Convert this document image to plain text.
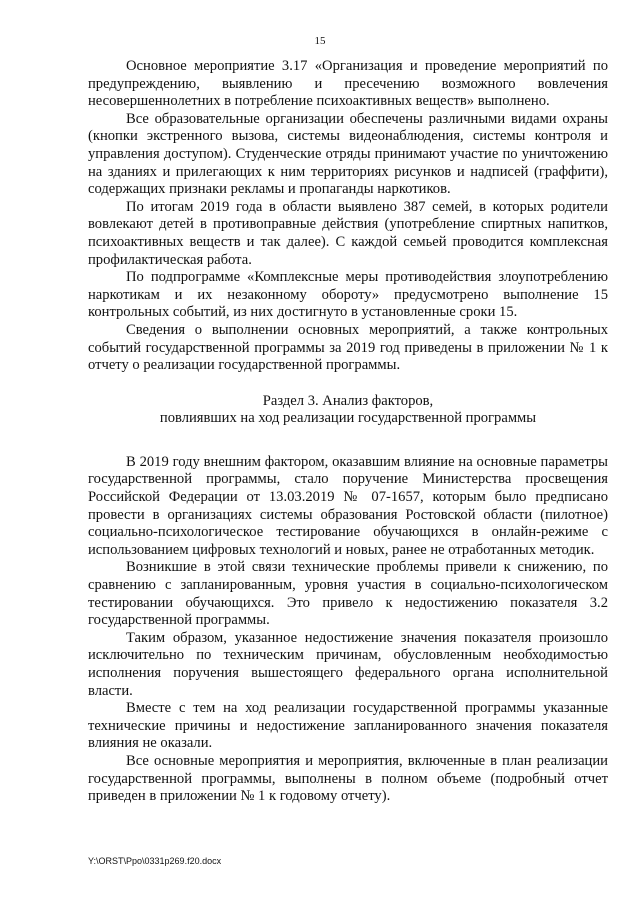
15

Основное мероприятие 3.17 «Организация и проведение мероприятий по предупреждению, выявлению и пресечению возможного вовлечения несовершеннолетних в потребление психоактивных веществ» выполнено.

Все образовательные организации обеспечены различными видами охраны (кнопки экстренного вызова, системы видеонаблюдения, системы контроля и управления доступом). Студенческие отряды принимают участие по уничтожению на зданиях и прилегающих к ним территориях рисунков и надписей (граффити), содержащих признаки рекламы и пропаганды наркотиков.

По итогам 2019 года в области выявлено 387 семей, в которых родители вовлекают детей в противоправные действия (употребление спиртных напитков, психоактивных веществ и так далее). С каждой семьей проводится комплексная профилактическая работа.

По подпрограмме «Комплексные меры противодействия злоупотреблению наркотикам и их незаконному обороту» предусмотрено выполнение 15 контрольных событий, из них достигнуто в установленные сроки 15.

Сведения о выполнении основных мероприятий, а также контрольных событий государственной программы за 2019 год приведены в приложении № 1 к отчету о реализации государственной программы.

Раздел 3. Анализ факторов,
повлиявших на ход реализации государственной программы

В 2019 году внешним фактором, оказавшим влияние на основные параметры государственной программы, стало поручение Министерства просвещения Российской Федерации от 13.03.2019 № 07-1657, которым было предписано провести в организациях системы образования Ростовской области (пилотное) социально-психологическое тестирование обучающихся в онлайн-режиме с использованием цифровых технологий и новых, ранее не отработанных методик.

Возникшие в этой связи технические проблемы привели к снижению, по сравнению с запланированным, уровня участия в социально-психологическом тестировании обучающихся. Это привело к недостижению показателя 3.2 государственной программы.

Таким образом, указанное недостижение значения показателя произошло исключительно по техническим причинам, обусловленным необходимостью исполнения поручения вышестоящего федерального органа исполнительной власти.

Вместе с тем на ход реализации государственной программы указанные технические причины и недостижение запланированного значения показателя влияния не оказали.

Все основные мероприятия и мероприятия, включенные в план реализации государственной программы, выполнены в полном объеме (подробный отчет приведен в приложении № 1 к годовому отчету).

Y:\ORST\Ppo\0331p269.f20.docx
